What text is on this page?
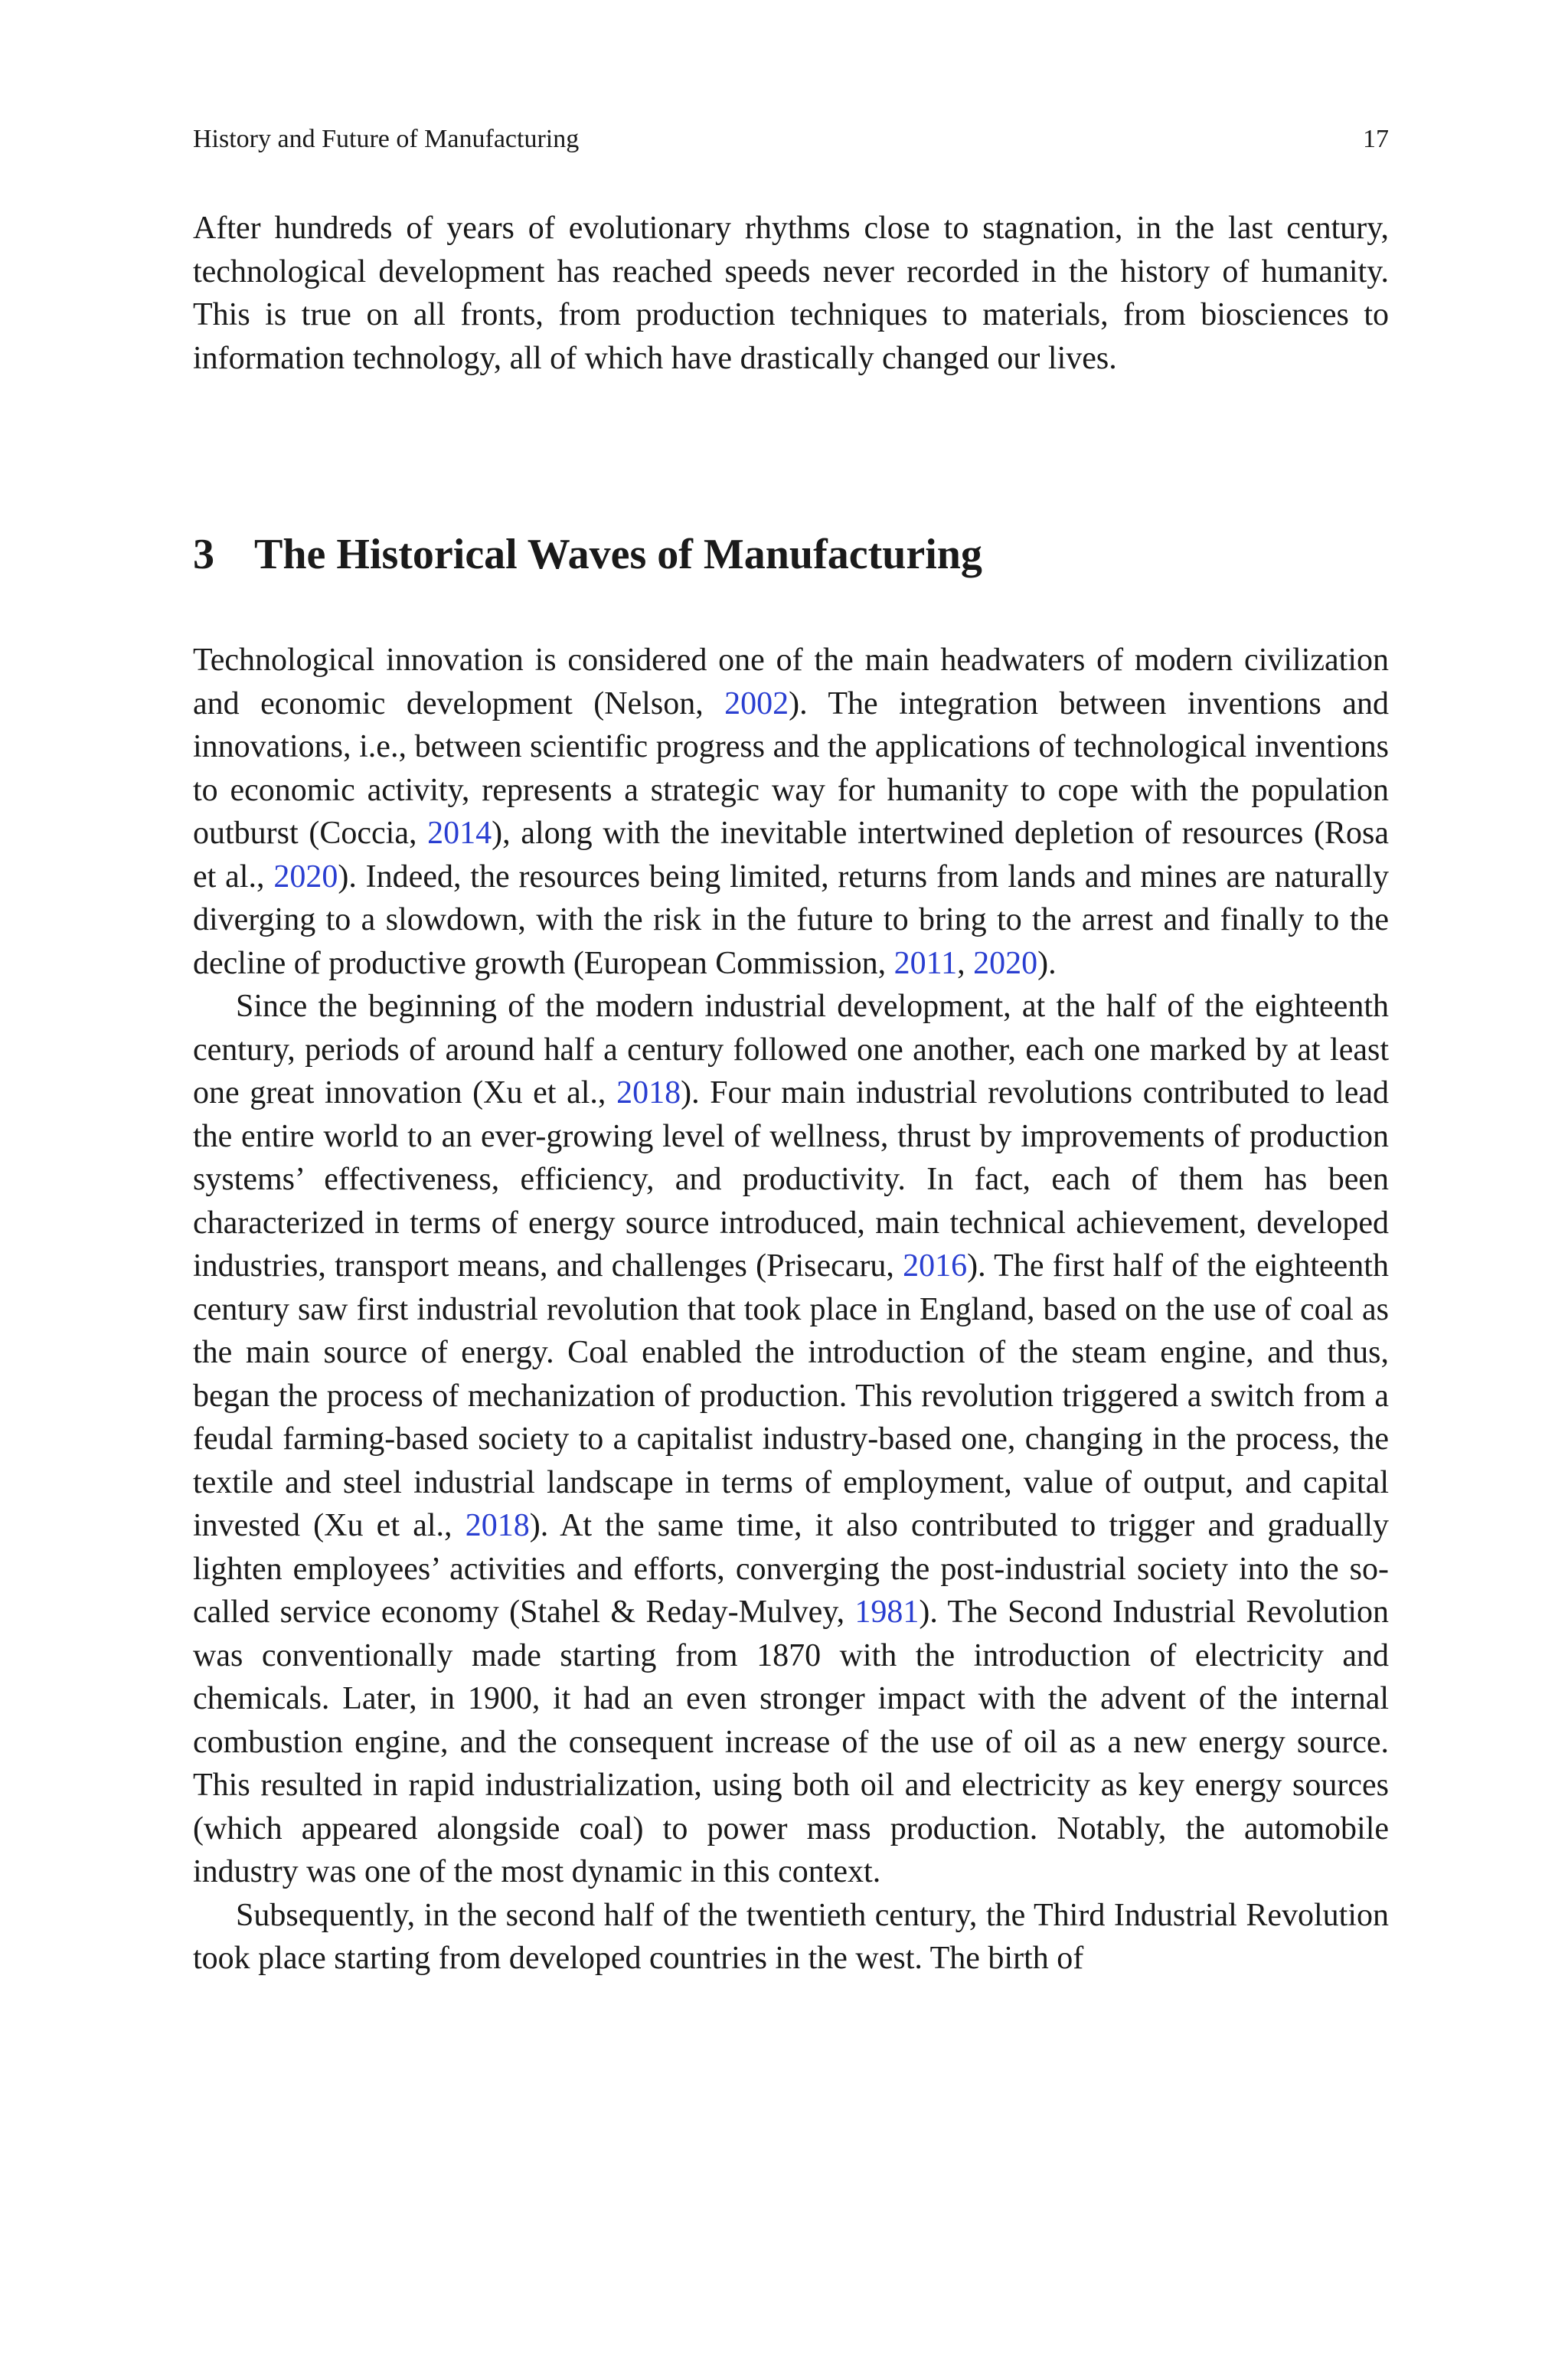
History and Future of Manufacturing	17

After hundreds of years of evolutionary rhythms close to stagnation, in the last century, technological development has reached speeds never recorded in the history of humanity. This is true on all fronts, from production techniques to materials, from biosciences to information technology, all of which have drastically changed our lives.

3 The Historical Waves of Manufacturing

Technological innovation is considered one of the main headwaters of modern civilization and economic development (Nelson, 2002). The integration between inventions and innovations, i.e., between scientific progress and the applications of technological inventions to economic activity, represents a strategic way for humanity to cope with the population outburst (Coccia, 2014), along with the inevitable intertwined depletion of resources (Rosa et al., 2020). Indeed, the resources being limited, returns from lands and mines are naturally diverging to a slowdown, with the risk in the future to bring to the arrest and finally to the decline of productive growth (European Commission, 2011, 2020).

Since the beginning of the modern industrial development, at the half of the eighteenth century, periods of around half a century followed one another, each one marked by at least one great innovation (Xu et al., 2018). Four main industrial revolutions contributed to lead the entire world to an ever-growing level of wellness, thrust by improvements of production systems’ effectiveness, efficiency, and productivity. In fact, each of them has been characterized in terms of energy source introduced, main technical achievement, developed industries, transport means, and challenges (Prisecaru, 2016). The first half of the eighteenth century saw first industrial revolution that took place in England, based on the use of coal as the main source of energy. Coal enabled the introduction of the steam engine, and thus, began the process of mechanization of production. This revolution triggered a switch from a feudal farming-based society to a capitalist industry-based one, changing in the process, the textile and steel industrial landscape in terms of employment, value of output, and capital invested (Xu et al., 2018). At the same time, it also contributed to trigger and gradually lighten employees’ activities and efforts, converging the post-industrial society into the so-called service economy (Stahel & Reday-Mulvey, 1981). The Second Industrial Revolution was conventionally made starting from 1870 with the introduction of electricity and chemicals. Later, in 1900, it had an even stronger impact with the advent of the internal combustion engine, and the consequent increase of the use of oil as a new energy source. This resulted in rapid industrialization, using both oil and electricity as key energy sources (which appeared alongside coal) to power mass production. Notably, the automobile industry was one of the most dynamic in this context.

Subsequently, in the second half of the twentieth century, the Third Industrial Revolution took place starting from developed countries in the west. The birth of
